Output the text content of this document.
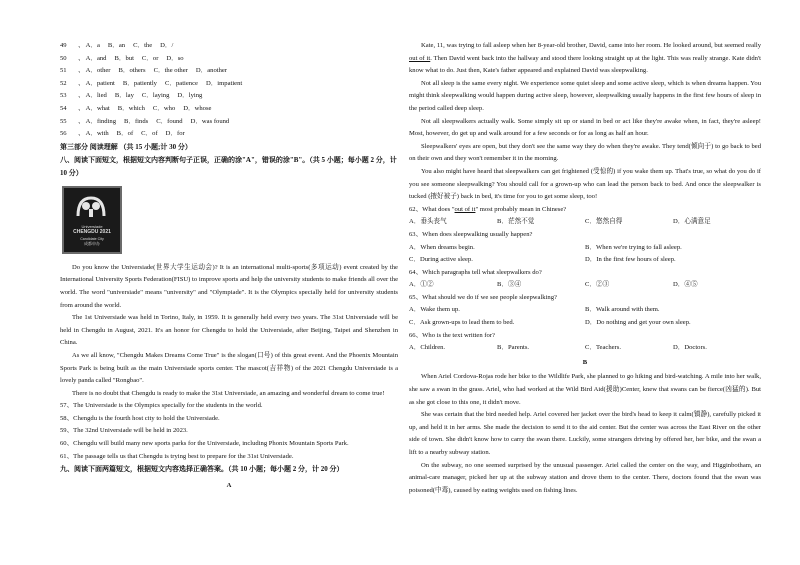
49	、 A．a B．an C．the D．/
50	、 A．and B．but C．or D．so
51	、 A．other B．others C．the other D．another
52	、 A．patient B．patiently C．patience D．impatient
53	、 A．lied B．lay C．laying D．lying
54	、 A．what B．which C．who D．whose
55	、 A．finding B．finds C．found D．was found
56	、 A．with B．of C．of D．for
第三部分 阅读理解 （共 15 小题;计 30 分）
八、阅读下面短文，根据短文内容判断句子正误，正确的涂"A"，错误的涂"B"。（共 5 小题；每小题 2 分，计 10 分）
Universiade
CHENGDU 2021
Candidate City
成都申办

Do you know the Universiade(世界大学生运动会)? It is an international multi-sports(多项运动) event created by the International University Sports Federation(FISU) to improve sports and help the university students to make friends all over the world. The word "universiade" means "university" and "Olympiade". It is the Olympics specially held for university students from around the world.

The 1st Universiade was held in Torino, Italy, in 1959. It is generally held every two years. The 31st Universiade will be held in Chengdu in August, 2021. It's an honor for Chengdu to hold the Universiade, after Beijing, Taipei and Shenzhen in China.

As we all know, "Chengdu Makes Dreams Come True" is the slogan(口号) of this great event. And the Phoenix Mountain Sports Park is being built as the main Universiade sports center. The mascot(吉祥物) of the 2021 Chengdu Universiade is a lovely panda called "Rongbao".

There is no doubt that Chengdu is ready to make the 31st Universiade, an amazing and wonderful dream to come true!

57、The Universiade is the Olympics specially for the students in the world.

58、Chengdu is the fourth host city to hold the Universiade.

59、The 32nd Universiade will be held in 2023.

60、Chengdu will build many new sports parks for the Universiade, including Phonix Mountain Sports Park.

61、The passage tells us that Chengdu is trying best to prepare for the 31st Universiade.

九、阅读下面两篇短文，根据短文内容选择正确答案。（共 10 小题；每小题 2 分，计 20 分）
A

Kate, 11, was trying to fall asleep when her 8-year-old brother, David, came into her room. He looked around, but seemed really out of it. Then David went back into the hallway and stood there looking straight up at the light. This was really strange. Kate didn't know what to do. Just then, Kate's father appeared and explained David was sleepwalking.

Not all sleep is the same every night. We experience some quiet sleep and some active sleep, which is when dreams happen. You might think sleepwalking would happen during active sleep, however, sleepwalking usually happens in the first few hours of sleep in the period called deep sleep.

Not all sleepwalkers actually walk. Some simply sit up or stand in bed or act like they're awake when, in fact, they're asleep! Most, however, do get up and walk around for a few seconds or for as long as half an hour.

Sleepwalkers' eyes are open, but they don't see the same way they do when they're awake. They tend(倾向于) to go back to bed on their own and they won't remember it in the morning.

You also might have heard that sleepwalkers can get frightened (受惊的) if you wake them up. That's true, so what do you do if you see someone sleepwalking? You should call for a grown-up who can lead the person back to bed. And once the sleepwalker is tucked (掖好被子) back in bed, it's time for you to get some sleep, too!

62、What does "out of it" most probably mean in Chinese?

A．垂头丧气	B．茫然不觉	C．悠然自得	D．心满意足

63、When does sleepwalking usually happen?

A．When dreams begin.	B．When we're trying to fall asleep.
C．During active sleep.	D．In the first few hours of sleep.

64、Which paragraphs tell what sleepwalkers do?

A．①②	B．③④	C．②③	D．④⑤

65、What should we do if we see people sleepwalking?

A．Wake them up.	B．Walk around with them.
C．Ask grown-ups to lead them to bed.	D．Do nothing and get your own sleep.

66、Who is the text written for?

A．Children.	B．Parents.	C．Teachers.	D．Doctors.
B

When Ariel Cordova-Rojas rode her bike to the Wildlife Park, she planned to go hiking and bird-watching. A mile into her walk, she saw a swan in the grass. Ariel, who had worked at the Wild Bird Aid(援助)Center, knew that swans can be fierce(凶猛的). But as she got close to this one, it didn't move.

She was certain that the bird needed help. Ariel covered her jacket over the bird's head to keep it calm(镇静), carefully picked it up, and held it in her arms. She made the decision to send it to the aid center. But the center was across the East River on the other side of town. She didn't know how to carry the swan there. Luckily, some strangers driving by offered her, her bike, and the swan a lift to a nearby subway station.

On the subway, no one seemed surprised by the unusual passenger. Ariel called the center on the way, and Higginbotham, an animal-care manager, picked her up at the subway station and drove them to the center. There, doctors found that the swan was poisoned(中毒), caused by eating weights used on fishing lines.
